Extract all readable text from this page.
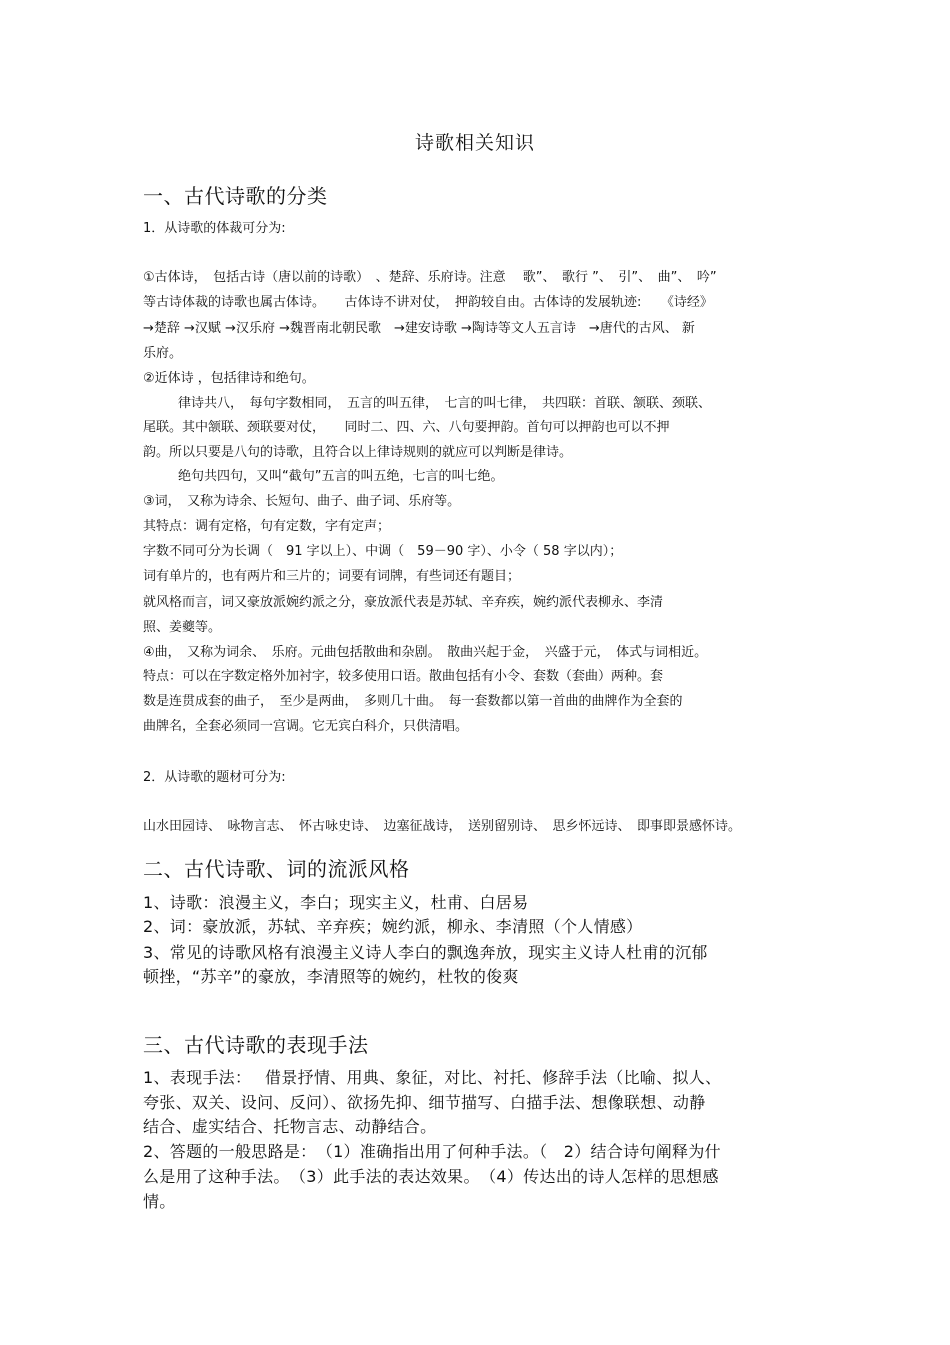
诗歌相关知识
一、古代诗歌的分类
1．从诗歌的体裁可分为:
①古体诗，　包括古诗（唐以前的诗歌）　、楚辞、乐府诗。注意　 歌”、　歌行 ”、　引”、　曲”、　吟”
等古诗体裁的诗歌也属古体诗。　　古体诗不讲对仗，　押韵较自由。古体诗的发展轨迹:　　《诗经》
→楚辞 →汉赋 →汉乐府 →魏晋南北朝民歌　→建安诗歌 →陶诗等文人五言诗　→唐代的古风、 新
乐府。
②近体诗 ，包括律诗和绝句。
律诗共八，　每句字数相同，　五言的叫五律，　七言的叫七律，　共四联：首联、颔联、颈联、
尾联。其中颔联、颈联要对仗，　　同时二、四、六、八句要押韵。首句可以押韵也可以不押
韵。所以只要是八句的诗歌，且符合以上律诗规则的就应可以判断是律诗。
绝句共四句，又叫“截句”五言的叫五绝，七言的叫七绝。
③词，　又称为诗余、长短句、曲子、曲子词、乐府等。
其特点：调有定格，句有定数，字有定声；
字数不同可分为长调（　91 字以上）、中调（　59－90 字）、小令（ 58 字以内）；
词有单片的，也有两片和三片的；词要有词牌，有些词还有题目；
就风格而言，词又豪放派婉约派之分，豪放派代表是苏轼、辛弃疾，婉约派代表柳永、李清
照、姜夔等。
④曲，　又称为词余、　乐府。元曲包括散曲和杂剧。　散曲兴起于金，　兴盛于元，　体式与词相近。
特点：可以在字数定格外加衬字，较多使用口语。散曲包括有小令、套数（套曲）两种。套
数是连贯成套的曲子，　至少是两曲，　多则几十曲。　每一套数都以第一首曲的曲牌作为全套的
曲牌名，全套必须同一宫调。它无宾白科介，只供清唱。
2．从诗歌的题材可分为:
山水田园诗、　咏物言志、　怀古咏史诗、　边塞征战诗，　送别留别诗、　思乡怀远诗、　即事即景感怀诗。
二、古代诗歌、词的流派风格
1、诗歌：浪漫主义，李白；现实主义，杜甫、白居易
2、词：豪放派，苏轼、辛弃疾；婉约派，柳永、李清照（个人情感）
3、常见的诗歌风格有浪漫主义诗人李白的飘逸奔放，现实主义诗人杜甫的沉郁
顿挫，“苏辛”的豪放，李清照等的婉约，杜牧的俊爽
三、古代诗歌的表现手法
1、表现手法：　 借景抒情、用典、象征，对比、衬托、修辞手法（比喻、拟人、
夸张、双关、设问、反问）、欲扬先抑、细节描写、白描手法、想像联想、动静
结合、虚实结合、托物言志、动静结合。
2、答题的一般思路是：　（1）准确指出用了何种手法。（　2）结合诗句阐释为什
么是用了这种手法。　（3）此手法的表达效果。　（4）传达出的诗人怎样的思想感
情。
